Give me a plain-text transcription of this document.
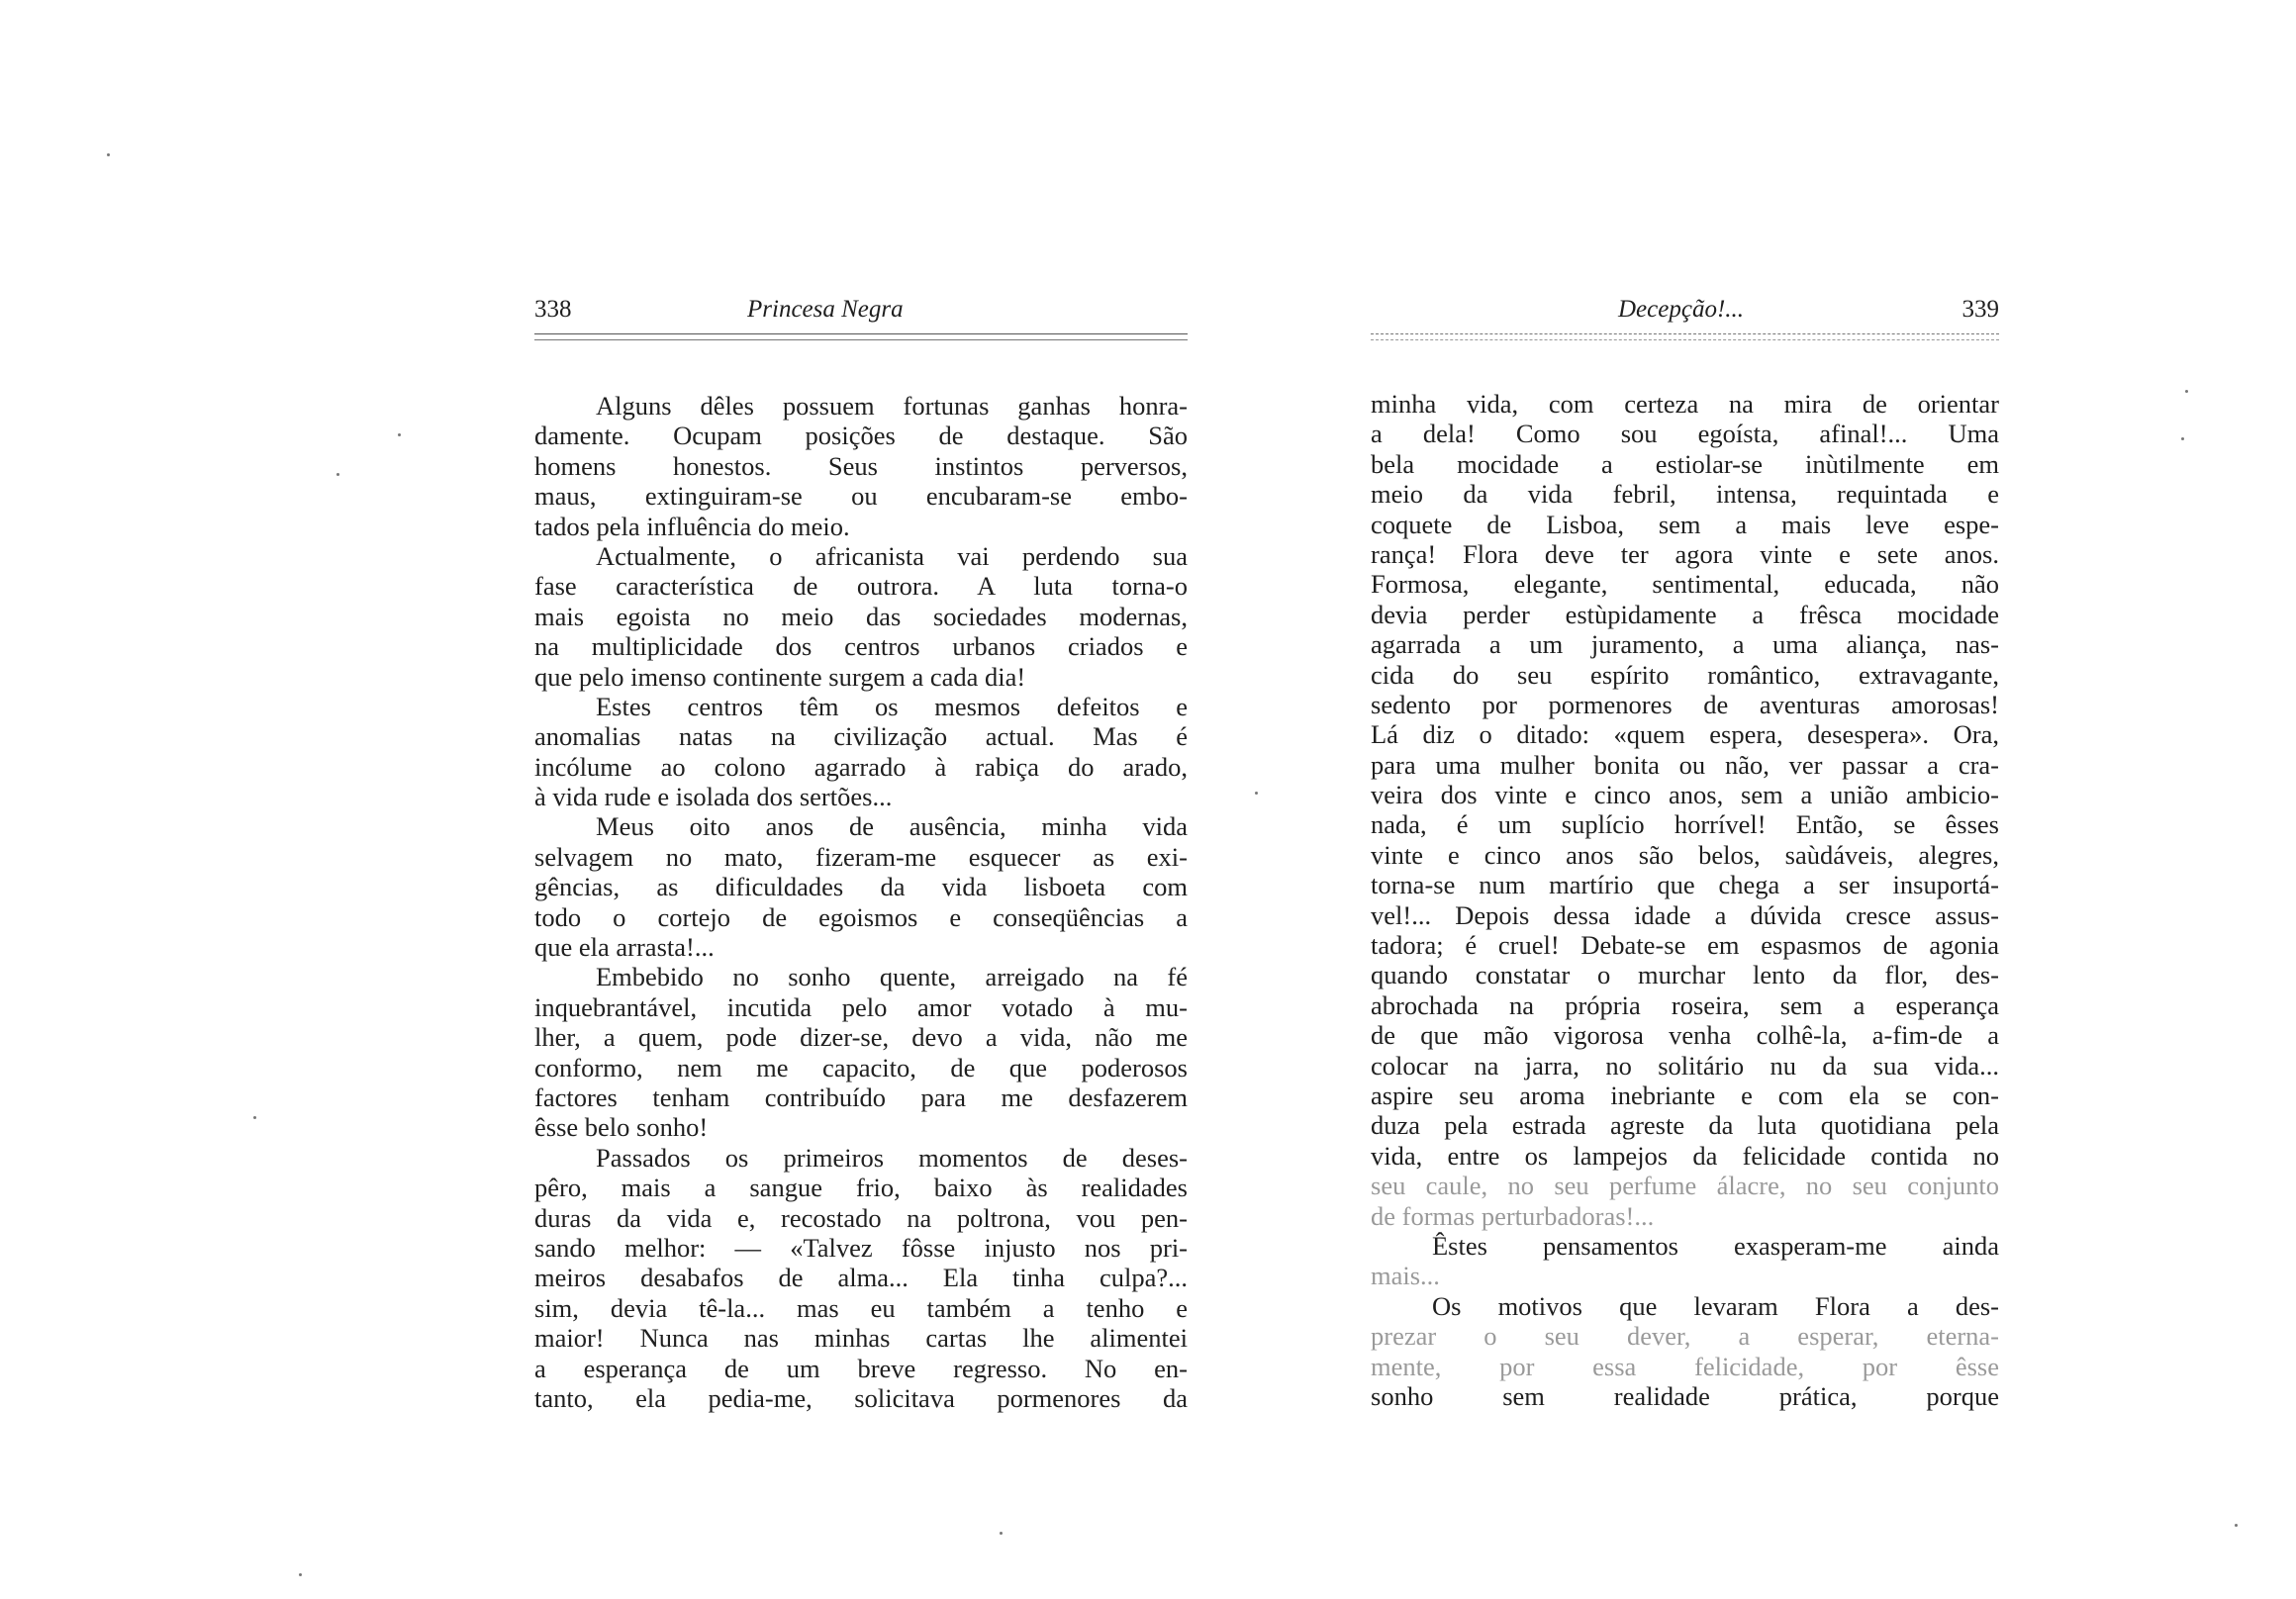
338	Princesa Negra
Alguns dêles possuem fortunas ganhas honra-
damente. Ocupam posições de destaque. São
homens honestos. Seus instintos perversos,
maus, extinguiram-se ou encubaram-se embo-
tados pela influência do meio.
Actualmente, o africanista vai perdendo sua
fase característica de outrora. A luta torna-o
mais egoista no meio das sociedades modernas,
na multiplicidade dos centros urbanos criados e
que pelo imenso continente surgem a cada dia!
Estes centros têm os mesmos defeitos e
anomalias natas na civilização actual. Mas é
incólume ao colono agarrado à rabiça do arado,
à vida rude e isolada dos sertões...
Meus oito anos de ausência, minha vida
selvagem no mato, fizeram-me esquecer as exi-
gências, as dificuldades da vida lisboeta com
todo o cortejo de egoismos e conseqüências a
que ela arrasta!...
Embebido no sonho quente, arreigado na fé
inquebrantável, incutida pelo amor votado à mu-
lher, a quem, pode dizer-se, devo a vida, não me
conformo, nem me capacito, de que poderosos
factores tenham contribuído para me desfazerem
êsse belo sonho!
Passados os primeiros momentos de deses-
pêro, mais a sangue frio, baixo às realidades
duras da vida e, recostado na poltrona, vou pen-
sando melhor: — «Talvez fôsse injusto nos pri-
meiros desabafos de alma... Ela tinha culpa?...
sim, devia tê-la... mas eu também a tenho e
maior! Nunca nas minhas cartas lhe alimentei
a esperança de um breve regresso. No en-
tanto, ela pedia-me, solicitava pormenores da
Decepção!...	339
minha vida, com certeza na mira de orientar
a dela! Como sou egoísta, afinal!... Uma
bela mocidade a estiolar-se inùtilmente em
meio da vida febril, intensa, requintada e
coquete de Lisboa, sem a mais leve espe-
rança! Flora deve ter agora vinte e sete anos.
Formosa, elegante, sentimental, educada, não
devia perder estùpidamente a frêsca mocidade
agarrada a um juramento, a uma aliança, nas-
cida do seu espírito romântico, extravagante,
sedento por pormenores de aventuras amorosas!
Lá diz o ditado: «quem espera, desespera». Ora,
para uma mulher bonita ou não, ver passar a cra-
veira dos vinte e cinco anos, sem a união ambicio-
nada, é um suplício horrível! Então, se êsses
vinte e cinco anos são belos, saùdáveis, alegres,
torna-se num martírio que chega a ser insuportá-
vel!... Depois dessa idade a dúvida cresce assus-
tadora; é cruel! Debate-se em espasmos de agonia
quando constatar o murchar lento da flor, des-
abrochada na própria roseira, sem a esperança
de que mão vigorosa venha colhê-la, a-fim-de a
colocar na jarra, no solitário nu da sua vida...
aspire seu aroma inebriante e com ela se con-
duza pela estrada agreste da luta quotidiana pela
vida, entre os lampejos da felicidade contida no
seu caule, no seu perfume álacre, no seu conjunto
de formas perturbadoras!...
Êstes pensamentos exasperam-me ainda
mais...
Os motivos que levaram Flora a des-
prezar o seu dever, a esperar, eterna-
mente, por essa felicidade, por êsse
sonho sem realidade prática, porque
